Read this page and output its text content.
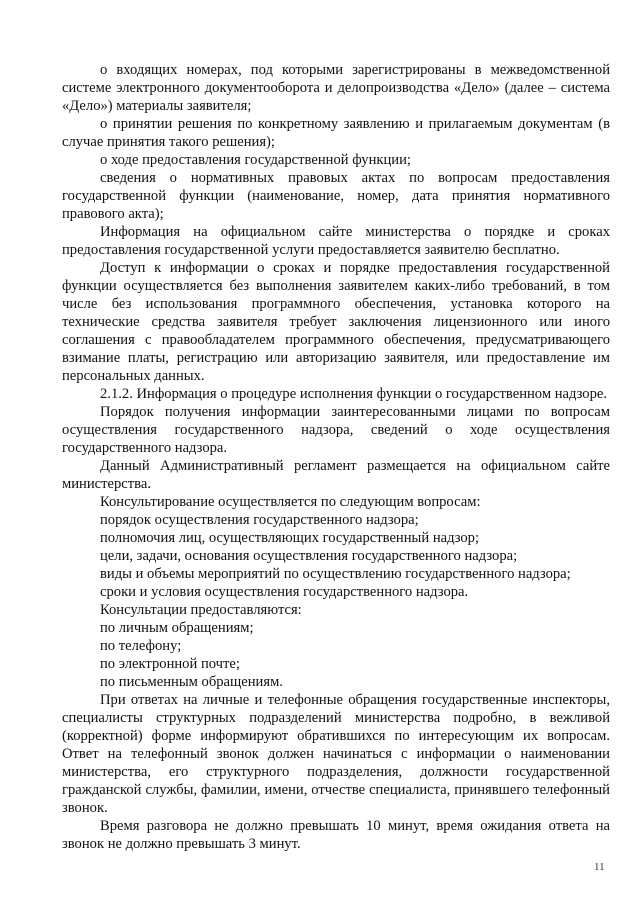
о входящих номерах, под которыми зарегистрированы в межведомственной системе электронного документооборота и делопроизводства «Дело» (далее – система «Дело») материалы заявителя;

о принятии решения по конкретному заявлению и прилагаемым документам (в случае принятия такого решения);

о ходе предоставления государственной функции;

сведения о нормативных правовых актах по вопросам предоставления государственной функции (наименование, номер, дата принятия нормативного правового акта);

Информация на официальном сайте министерства о порядке и сроках предоставления государственной услуги предоставляется заявителю бесплатно.

Доступ к информации о сроках и порядке предоставления государственной функции осуществляется без выполнения заявителем каких-либо требований, в том числе без использования программного обеспечения, установка которого на технические средства заявителя требует заключения лицензионного или иного соглашения с правообладателем программного обеспечения, предусматривающего взимание платы, регистрацию или авторизацию заявителя, или предоставление им персональных данных.

2.1.2. Информация о процедуре исполнения функции о государственном надзоре.

Порядок получения информации заинтересованными лицами по вопросам осуществления государственного надзора, сведений о ходе осуществления государственного надзора.

Данный Административный регламент размещается на официальном сайте министерства.

Консультирование осуществляется по следующим вопросам:

порядок осуществления государственного надзора;

полномочия лиц, осуществляющих государственный надзор;

цели, задачи, основания осуществления государственного надзора;

виды и объемы мероприятий по осуществлению государственного надзора;

сроки и условия осуществления государственного надзора.

Консультации предоставляются:

по личным обращениям;

по телефону;

по электронной почте;

по письменным обращениям.

При ответах на личные и телефонные обращения государственные инспекторы, специалисты структурных подразделений министерства подробно, в вежливой (корректной) форме информируют обратившихся по интересующим их вопросам. Ответ на телефонный звонок должен начинаться с информации о наименовании министерства, его структурного подразделения, должности государственной гражданской службы, фамилии, имени, отчестве специалиста, принявшего телефонный звонок.

Время разговора не должно превышать 10 минут, время ожидания ответа на звонок не должно превышать 3 минут.

11
